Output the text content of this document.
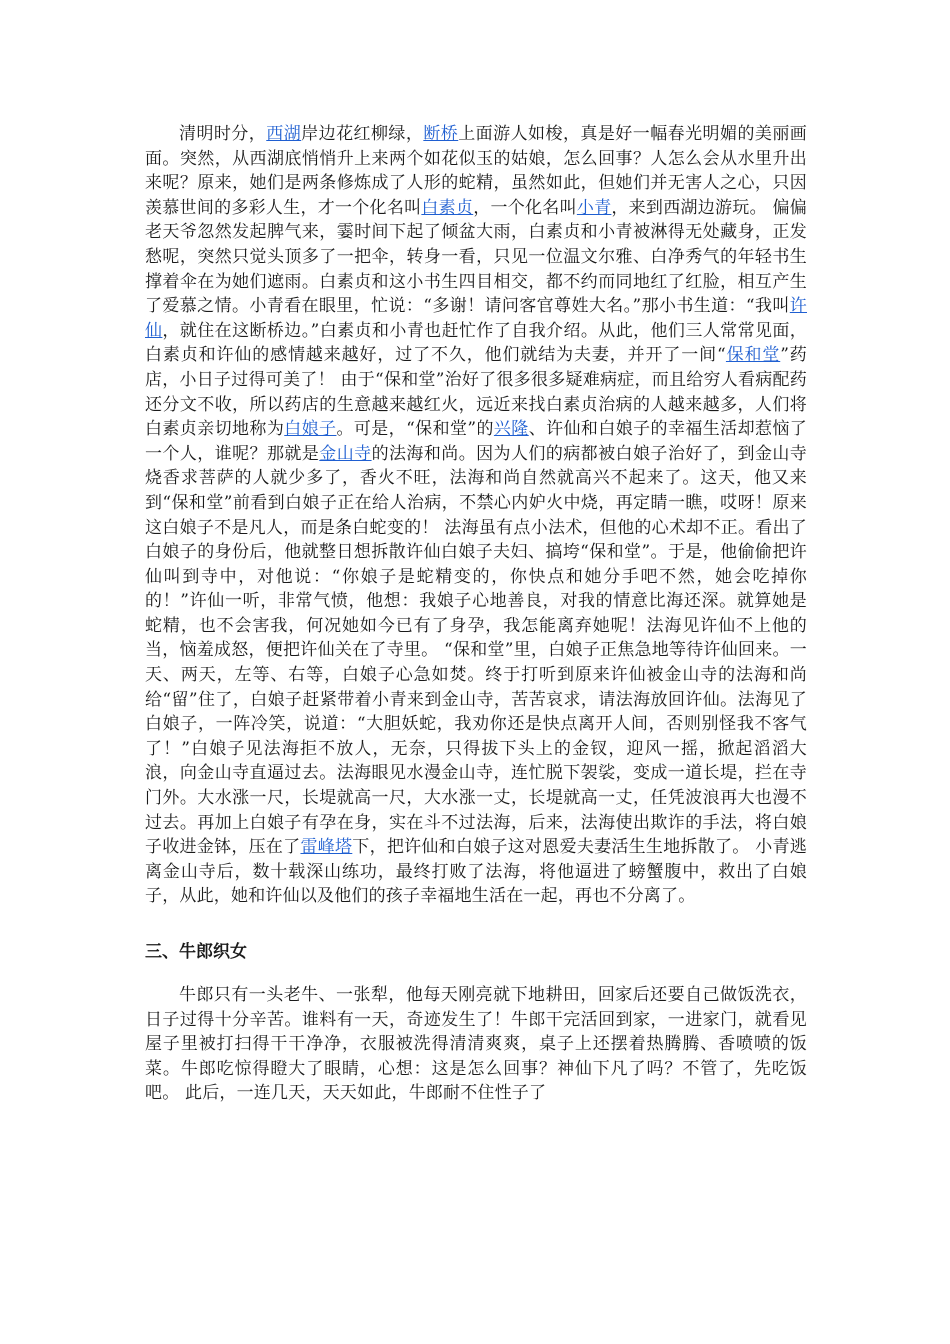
清明时分，西湖岸边花红柳绿，断桥上面游人如梭，真是好一幅春光明媚的美丽画面。突然，从西湖底悄悄升上来两个如花似玉的姑娘，怎么回事？人怎么会从水里升出来呢？原来，她们是两条修炼成了人形的蛇精，虽然如此，但她们并无害人之心，只因羡慕世间的多彩人生，才一个化名叫白素贞，一个化名叫小青，来到西湖边游玩。 偏偏老天爷忽然发起脾气来，霎时间下起了倾盆大雨，白素贞和小青被淋得无处藏身，正发愁呢，突然只觉头顶多了一把伞，转身一看，只见一位温文尔雅、白净秀气的年轻书生撑着伞在为她们遮雨。白素贞和这小书生四目相交，都不约而同地红了红脸，相互产生了爱慕之情。小青看在眼里，忙说：“多谢！请问客官尊姓大名。”那小书生道：“我叫许仙，就住在这断桥边。”白素贞和小青也赶忙作了自我介绍。从此，他们三人常常见面，白素贞和许仙的感情越来越好，过了不久，他们就结为夫妻，并开了一间“保和堂”药店，小日子过得可美了！ 由于“保和堂”治好了很多很多疑难病症，而且给穷人看病配药还分文不收，所以药店的生意越来越红火，远近来找白素贞治病的人越来越多，人们将白素贞亲切地称为白娘子。可是，“保和堂”的兴隆、许仙和白娘子的幸福生活却惹恼了一个人，谁呢？那就是金山寺的法海和尚。因为人们的病都被白娘子治好了，到金山寺烧香求菩萨的人就少多了，香火不旺，法海和尚自然就高兴不起来了。这天，他又来到“保和堂”前看到白娘子正在给人治病，不禁心内妒火中烧，再定睛一瞧，哎呀！原来这白娘子不是凡人，而是条白蛇变的！ 法海虽有点小法术，但他的心术却不正。看出了白娘子的身份后，他就整日想拆散许仙白娘子夫妇、搞垮“保和堂”。于是，他偷偷把许仙叫到寺中，对他说：“你娘子是蛇精变的，你快点和她分手吧不然，她会吃掉你的！”许仙一听，非常气愤，他想：我娘子心地善良，对我的情意比海还深。就算她是蛇精，也不会害我，何况她如今已有了身孕，我怎能离弃她呢！法海见许仙不上他的当，恼羞成怒，便把许仙关在了寺里。 “保和堂”里，白娘子正焦急地等待许仙回来。一天、两天，左等、右等，白娘子心急如焚。终于打听到原来许仙被金山寺的法海和尚给“留”住了，白娘子赶紧带着小青来到金山寺，苦苦哀求，请法海放回许仙。法海见了白娘子，一阵冷笑，说道：“大胆妖蛇，我劝你还是快点离开人间，否则别怪我不客气了！”白娘子见法海拒不放人，无奈，只得拔下头上的金钗，迎风一摇，掀起滔滔大浪，向金山寺直逼过去。法海眼见水漫金山寺，连忙脱下袈裟，变成一道长堤，拦在寺门外。大水涨一尺，长堤就高一尺，大水涨一丈，长堤就高一丈，任凭波浪再大也漫不过去。再加上白娘子有孕在身，实在斗不过法海，后来，法海使出欺诈的手法，将白娘子收进金钵，压在了雷峰塔下，把许仙和白娘子这对恩爱夫妻活生生地拆散了。 小青逃离金山寺后，数十载深山练功，最终打败了法海，将他逼进了螃蟹腹中，救出了白娘子，从此，她和许仙以及他们的孩子幸福地生活在一起，再也不分离了。

三、牛郎织女

牛郎只有一头老牛、一张犁，他每天刚亮就下地耕田，回家后还要自己做饭洗衣，日子过得十分辛苦。谁料有一天，奇迹发生了！牛郎干完活回到家，一进家门，就看见屋子里被打扫得干干净净，衣服被洗得清清爽爽，桌子上还摆着热腾腾、香喷喷的饭菜。牛郎吃惊得瞪大了眼睛，心想：这是怎么回事？神仙下凡了吗？不管了，先吃饭吧。 此后，一连几天，天天如此，牛郎耐不住性子了
